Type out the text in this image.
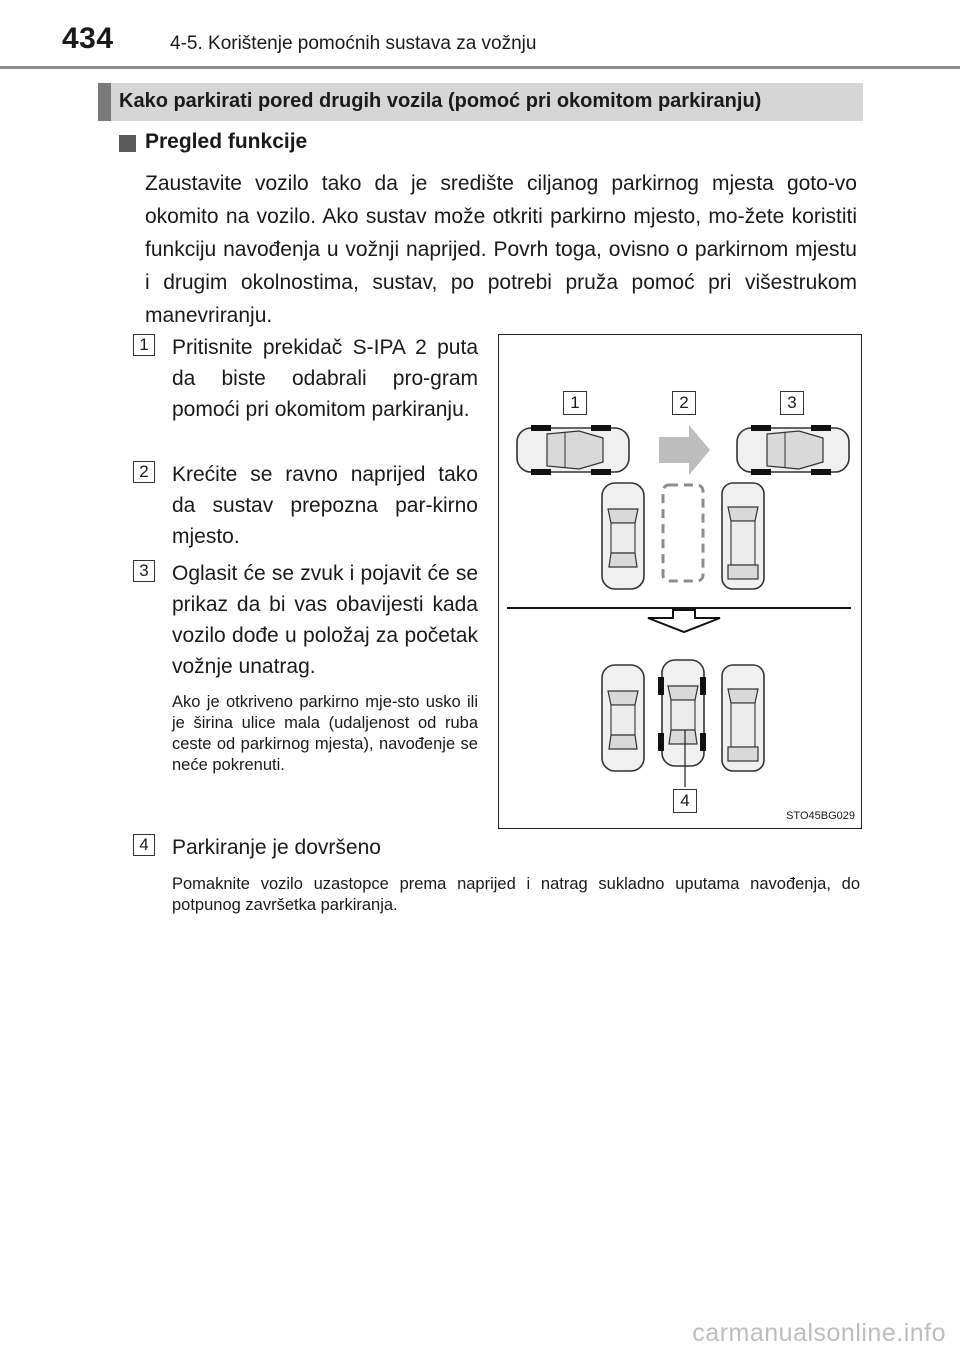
434	4-5. Korištenje pomoćnih sustava za vožnju
Kako parkirati pored drugih vozila (pomoć pri okomitom parkiranju)
Pregled funkcije
Zaustavite vozilo tako da je središte ciljanog parkirnog mjesta goto-vo okomito na vozilo. Ako sustav može otkriti parkirno mjesto, mo-žete koristiti funkciju navođenja u vožnji naprijed. Povrh toga, ovisno o parkirnom mjestu i drugim okolnostima, sustav, po potrebi pruža pomoć pri višestrukom manevriranju.
1 Pritisnite prekidač S-IPA 2 puta da biste odabrali pro-gram pomoći pri okomitom parkiranju.
2 Krećite se ravno naprijed tako da sustav prepozna par-kirno mjesto.
3 Oglasit će se zvuk i pojavit će se prikaz da bi vas obavijesti kada vozilo dođe u položaj za početak vožnje unatrag.
Ako je otkriveno parkirno mje-sto usko ili je širina ulice mala (udaljenost od ruba ceste od parkirnog mjesta), navođenje se neće pokrenuti.
4 Parkiranje je dovršeno
Pomaknite vozilo uzastopce prema naprijed i natrag sukladno uputama navođenja, do potpunog završetka parkiranja.
1	2	3
4
STO45BG029
carmanualsonline.info
